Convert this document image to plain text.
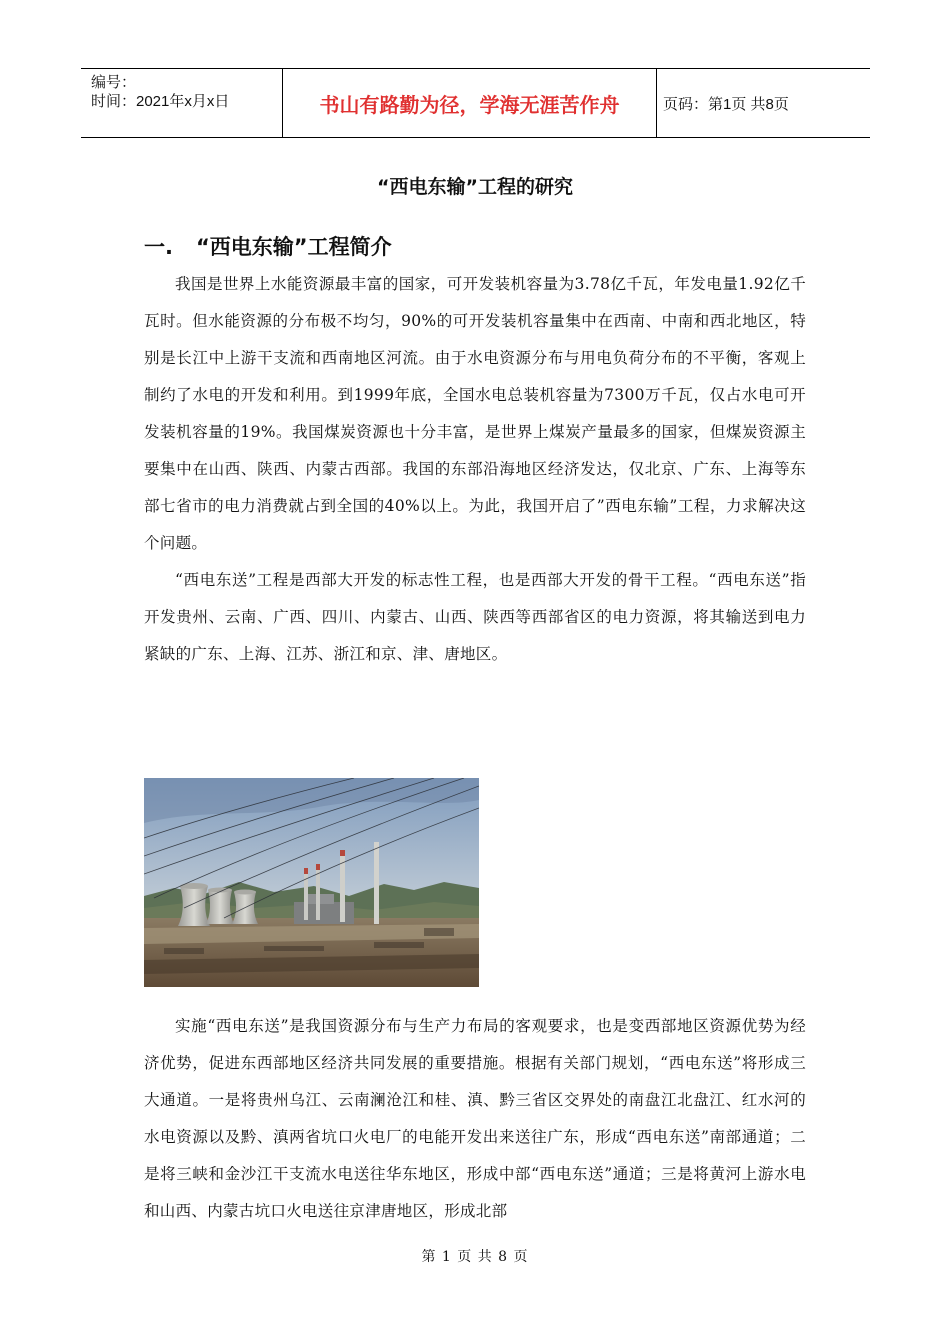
编号：
时间：2021年x月x日	书山有路勤为径，学海无涯苦作舟	页码：第1页 共8页
“西电东输”工程的研究
一. “西电东输”工程简介

我国是世界上水能资源最丰富的国家，可开发装机容量为3.78亿千瓦，年发电量1.92亿千瓦时。但水能资源的分布极不均匀，90%的可开发装机容量集中在西南、中南和西北地区，特别是长江中上游干支流和西南地区河流。由于水电资源分布与用电负荷分布的不平衡，客观上制约了水电的开发和利用。到1999年底，全国水电总装机容量为7300万千瓦，仅占水电可开发装机容量的19%。我国煤炭资源也十分丰富，是世界上煤炭产量最多的国家，但煤炭资源主要集中在山西、陕西、内蒙古西部。我国的东部沿海地区经济发达，仅北京、广东、上海等东部七省市的电力消费就占到全国的40%以上。为此，我国开启了”西电东输”工程，力求解决这个问题。

“西电东送”工程是西部大开发的标志性工程，也是西部大开发的骨干工程。“西电东送”指开发贵州、云南、广西、四川、内蒙古、山西、陕西等西部省区的电力资源，将其输送到电力紧缺的广东、上海、江苏、浙江和京、津、唐地区。

实施“西电东送”是我国资源分布与生产力布局的客观要求，也是变西部地区资源优势为经济优势，促进东西部地区经济共同发展的重要措施。根据有关部门规划，“西电东送”将形成三大通道。一是将贵州乌江、云南澜沧江和桂、滇、黔三省区交界处的南盘江北盘江、红水河的水电资源以及黔、滇两省坑口火电厂的电能开发出来送往广东，形成“西电东送”南部通道；二是将三峡和金沙江干支流水电送往华东地区，形成中部“西电东送”通道；三是将黄河上游水电和山西、内蒙古坑口火电送往京津唐地区，形成北部

第 1 页 共 8 页
